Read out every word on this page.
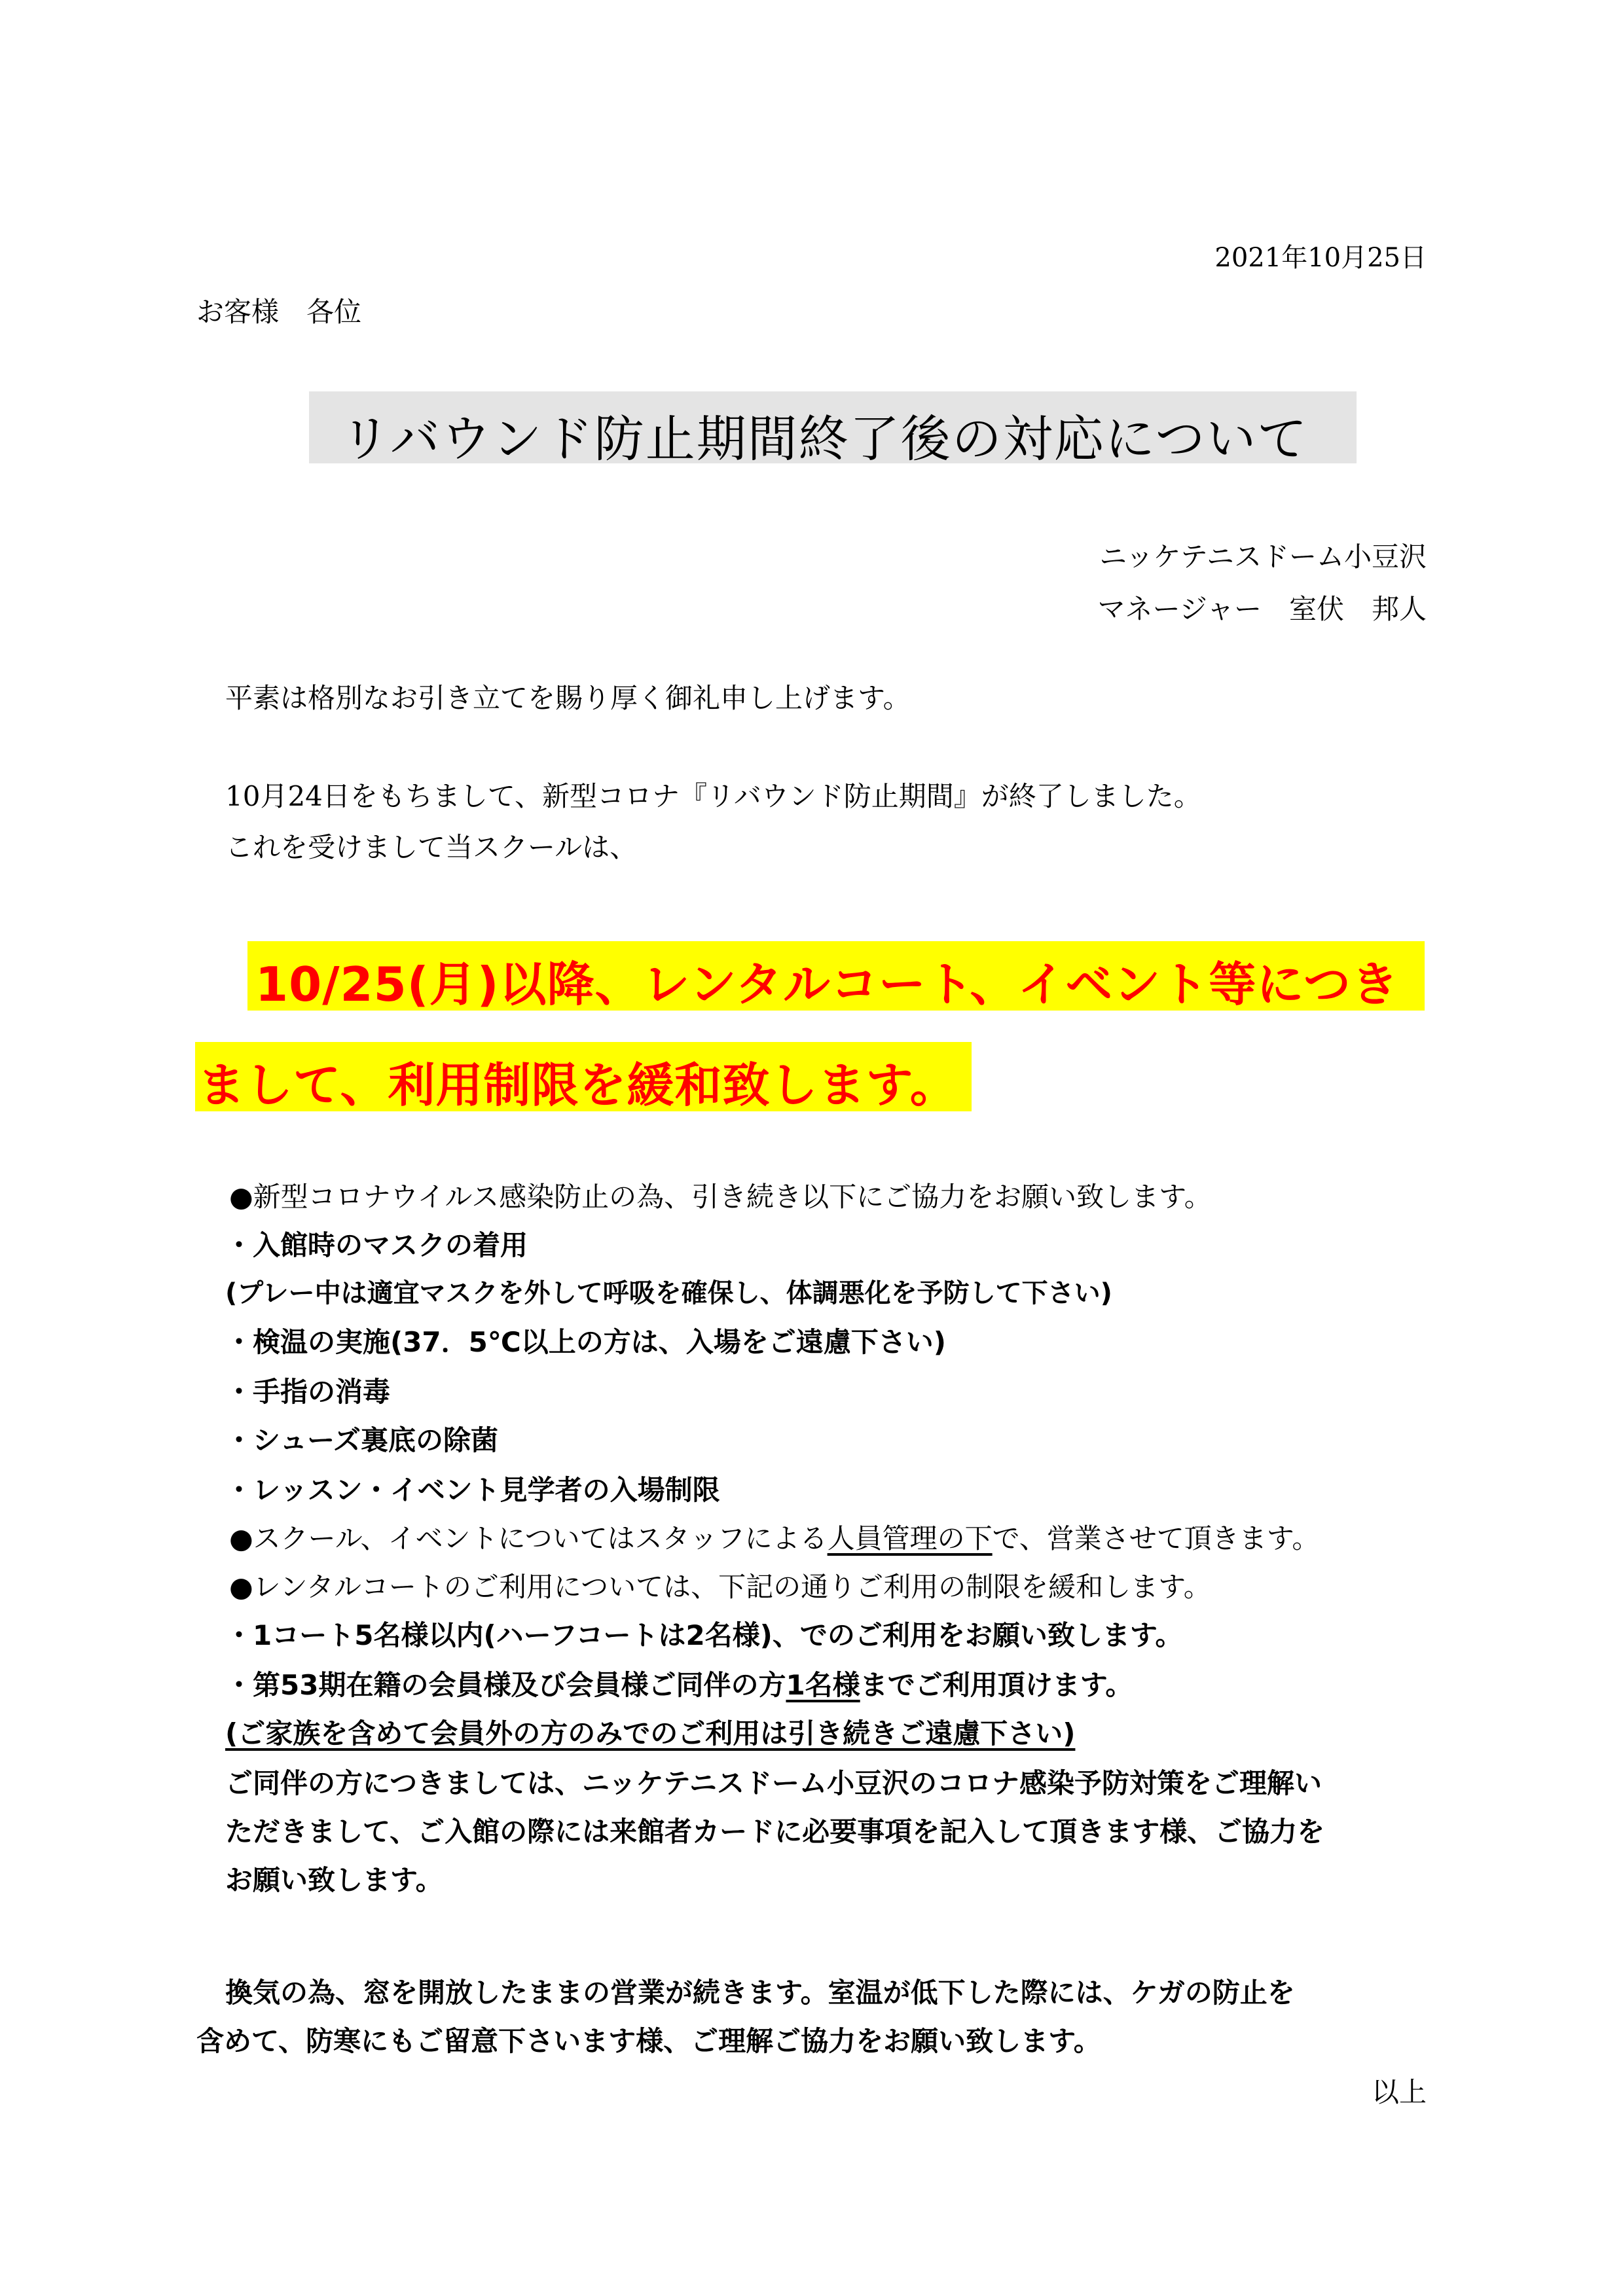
2021年10月25日
お客様　各位
リバウンド防止期間終了後の対応について
ニッケテニスドーム小豆沢
マネージャー　室伏　邦人
平素は格別なお引き立てを賜り厚く御礼申し上げます。
10月24日をもちまして、新型コロナ『リバウンド防止期間』が終了しました。
これを受けまして当スクールは、
10/25(月)以降、レンタルコート、イベント等につき
まして、利用制限を緩和致します。
●新型コロナウイルス感染防止の為、引き続き以下にご協力をお願い致します。
・入館時のマスクの着用
(プレー中は適宜マスクを外して呼吸を確保し、体調悪化を予防して下さい)
・検温の実施(37．5℃以上の方は、入場をご遠慮下さい)
・手指の消毒
・シューズ裏底の除菌
・レッスン・イベント見学者の入場制限
●スクール、イベントについてはスタッフによる人員管理の下で、営業させて頂きます。
●レンタルコートのご利用については、下記の通りご利用の制限を緩和します。
・1コート5名様以内(ハーフコートは2名様)、でのご利用をお願い致します。
・第53期在籍の会員様及び会員様ご同伴の方1名様までご利用頂けます。
(ご家族を含めて会員外の方のみでのご利用は引き続きご遠慮下さい)
ご同伴の方につきましては、ニッケテニスドーム小豆沢のコロナ感染予防対策をご理解い
ただきまして、ご入館の際には来館者カードに必要事項を記入して頂きます様、ご協力を
お願い致します。
換気の為、窓を開放したままの営業が続きます。室温が低下した際には、ケガの防止を
含めて、防寒にもご留意下さいます様、ご理解ご協力をお願い致します。
以上
